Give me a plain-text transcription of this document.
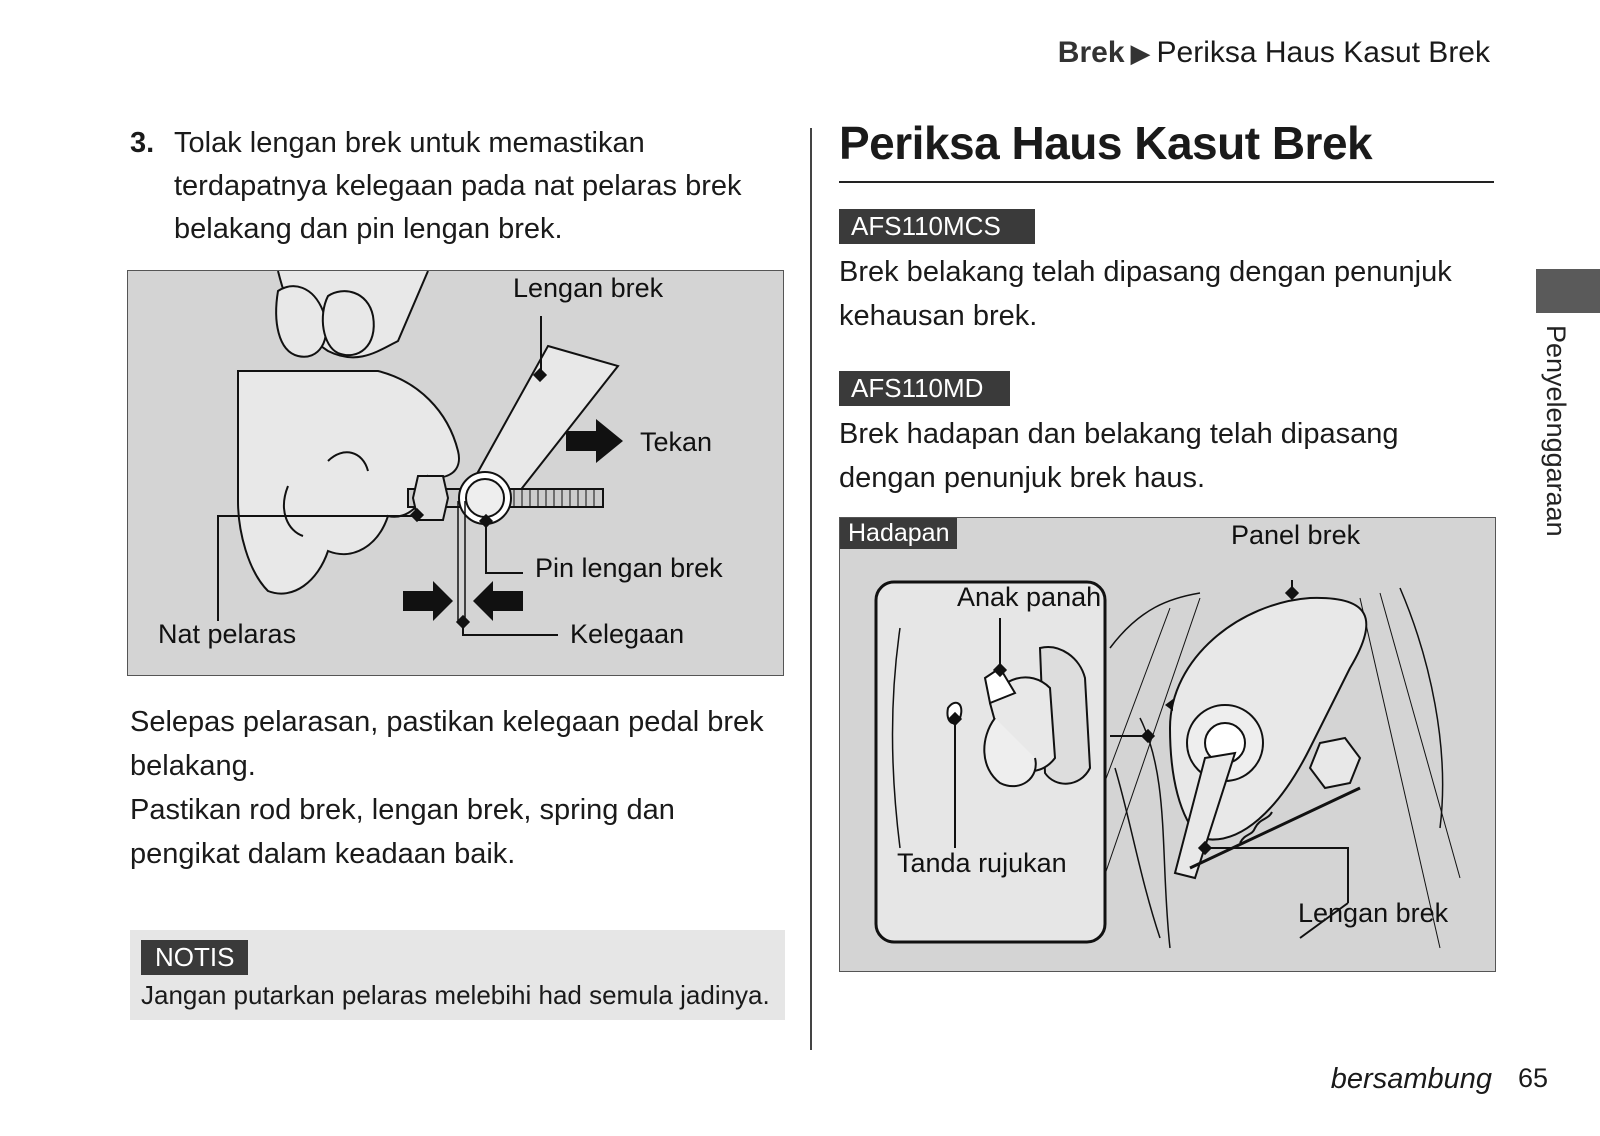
Brek ▶ Periksa Haus Kasut Brek
3. Tolak lengan brek untuk memastikan terdapatnya kelegaan pada nat pelaras brek belakang dan pin lengan brek.
Lengan brek
Tekan
Pin lengan brek
Nat pelaras	Kelegaan

Selepas pelarasan, pastikan kelegaan pedal brek belakang.

Pastikan rod brek, lengan brek, spring dan pengikat dalam keadaan baik.

NOTIS
Jangan putarkan pelaras melebihi had semula jadinya.
Periksa Haus Kasut Brek
AFS110MCS
Brek belakang telah dipasang dengan penunjuk kehausan brek.
AFS110MD
Brek hadapan dan belakang telah dipasang dengan penunjuk brek haus.
Hadapan	Panel brek
Anak panah
Tanda rujukan
Lengan brek
Penyelenggaraan
bersambung 65
